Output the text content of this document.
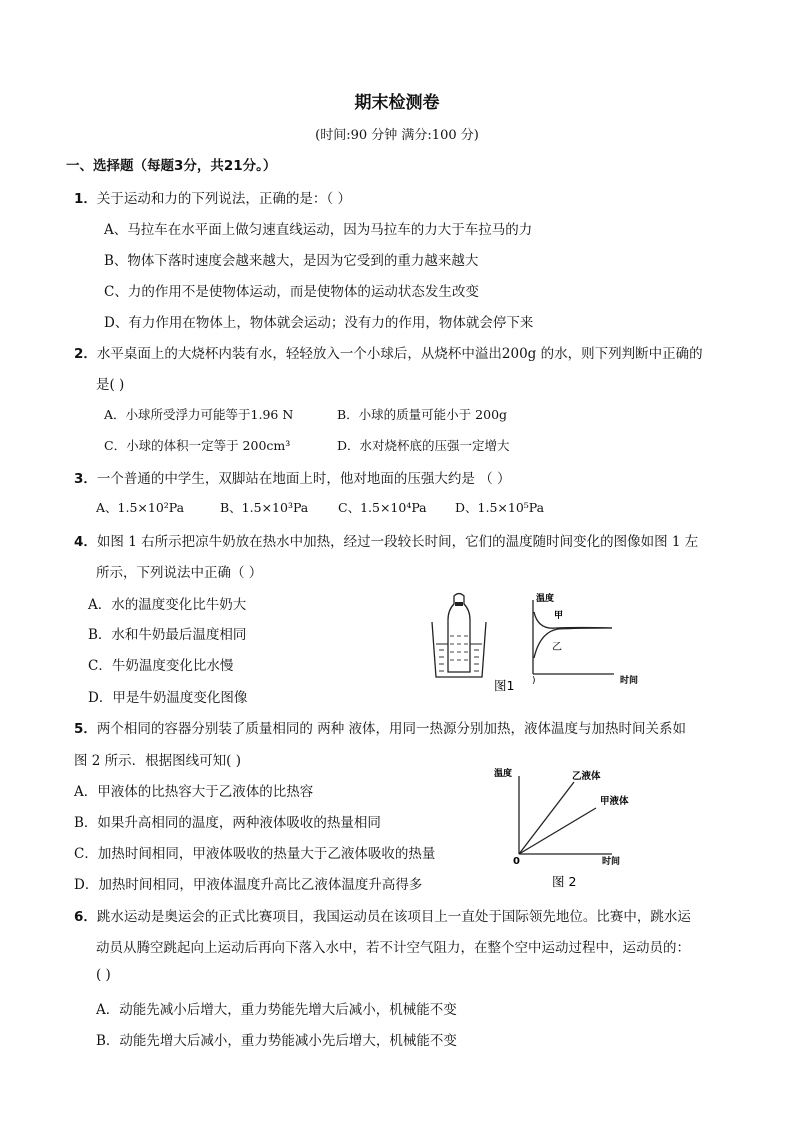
期末检测卷
(时间:90 分钟 满分:100 分)
一、选择题（每题3分，共21分。）
1．关于运动和力的下列说法，正确的是：（ ）
A、马拉车在水平面上做匀速直线运动，因为马拉车的力大于车拉马的力
B、物体下落时速度会越来越大，是因为它受到的重力越来越大
C、力的作用不是使物体运动，而是使物体的运动状态发生改变
D、有力作用在物体上，物体就会运动；没有力的作用，物体就会停下来
2．水平桌面上的大烧杯内装有水，轻轻放入一个小球后，从烧杯中溢出200g 的水，则下列判断中正确的
是( )
A．小球所受浮力可能等于1.96 N	B．小球的质量可能小于 200g
C．小球的体积一定等于 200cm³	D．水对烧杯底的压强一定增大
3．一个普通的中学生，双脚站在地面上时，他对地面的压强大约是 （ ）
A、1.5×10²Pa	B、1.5×10³Pa C、1.5×10⁴Pa D、1.5×10⁵Pa
4．如图 1 右所示把凉牛奶放在热水中加热，经过一段较长时间，它们的温度随时间变化的图像如图 1 左
所示，下列说法中正确（ ）
A．水的温度变化比牛奶大
B．水和牛奶最后温度相同
C．牛奶温度变化比水慢
D．甲是牛奶温度变化图像
温度
甲
乙
时间
)
图1
5．两个相同的容器分别装了质量相同的 两种 液体，用同一热源分别加热，液体温度与加热时间关系如
图 2 所示．根据图线可知( )
A．甲液体的比热容大于乙液体的比热容
B．如果升高相同的温度，两种液体吸收的热量相同
C．加热时间相同，甲液体吸收的热量大于乙液体吸收的热量
D．加热时间相同，甲液体温度升高比乙液体温度升高得多
温度	乙液体
甲液体
0	时间
图 2
6．跳水运动是奥运会的正式比赛项目，我国运动员在该项目上一直处于国际领先地位。比赛中，跳水运
动员从腾空跳起向上运动后再向下落入水中，若不计空气阻力，在整个空中运动过程中，运动员的：
( )
A．动能先减小后增大，重力势能先增大后减小，机械能不变
B．动能先增大后减小，重力势能减小先后增大，机械能不变
